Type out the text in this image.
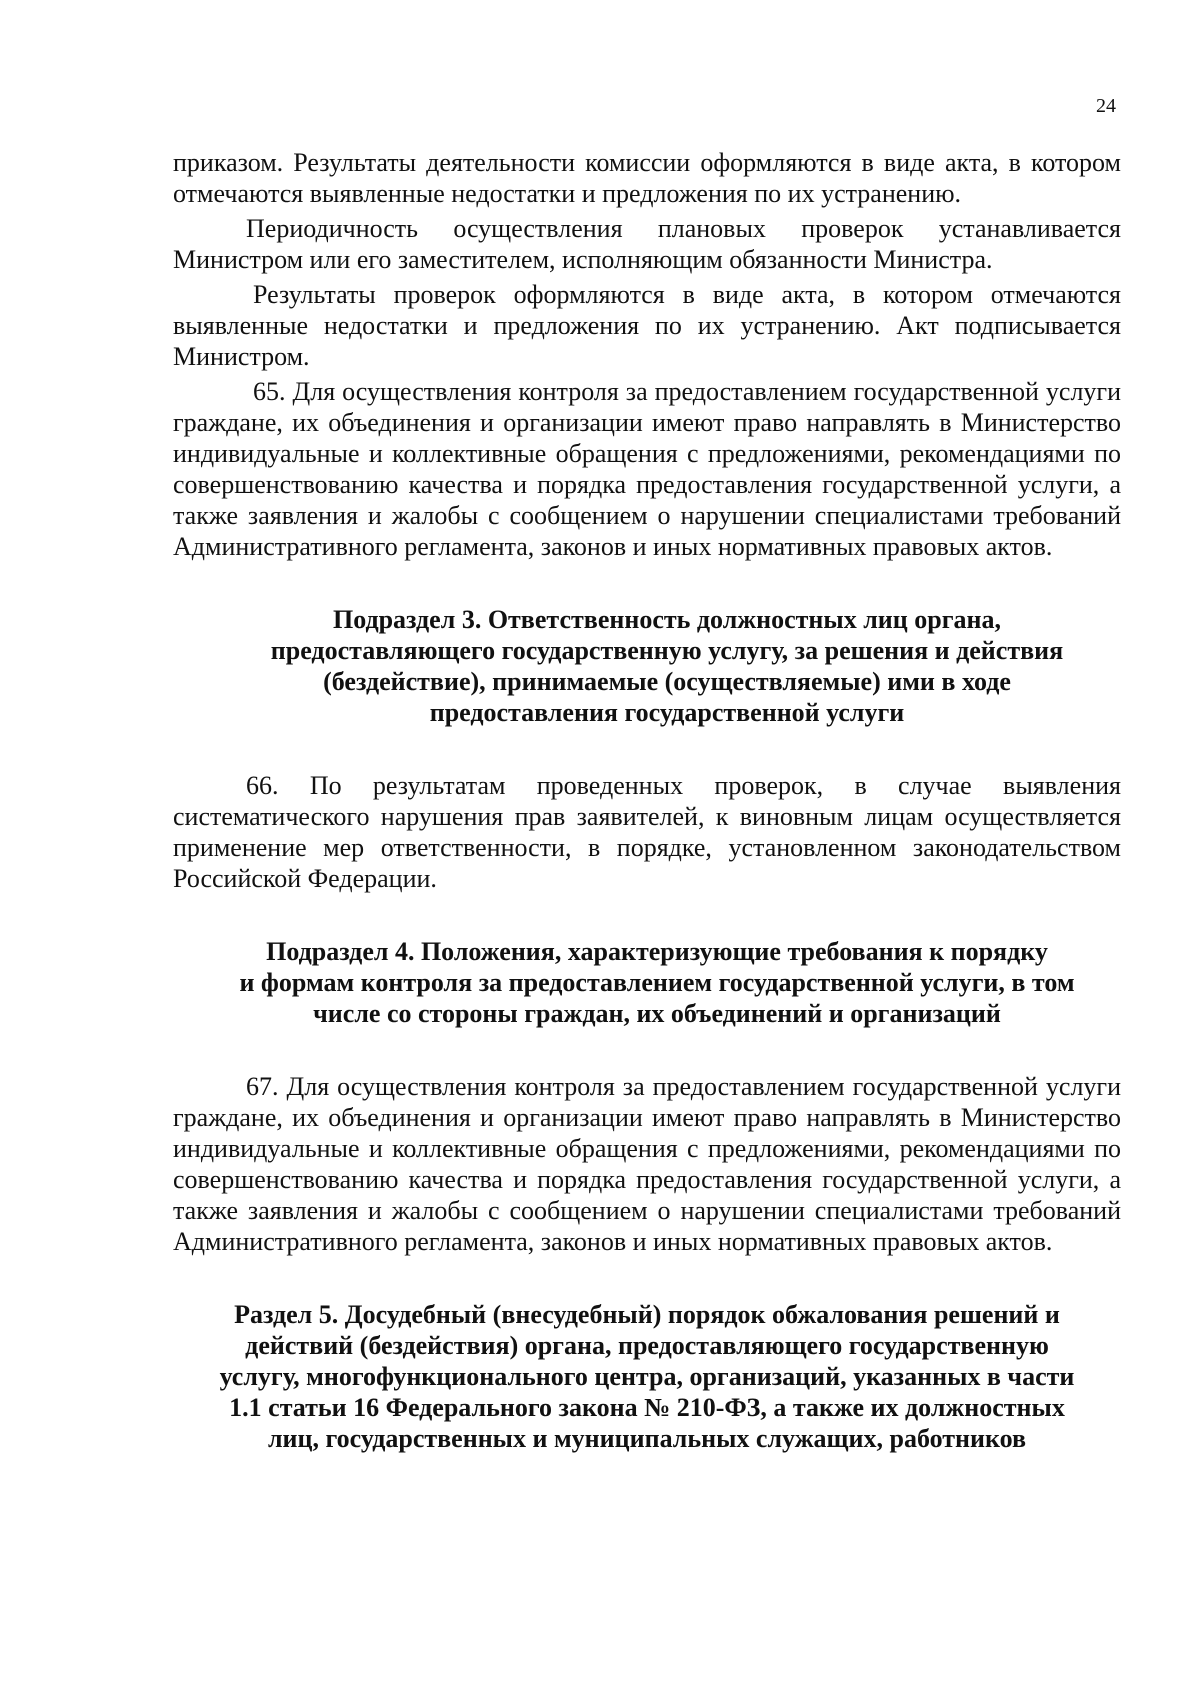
24

приказом. Результаты деятельности комиссии оформляются в виде акта, в котором отмечаются выявленные недостатки и предложения по их устранению.

Периодичность осуществления плановых проверок устанавливается Министром или его заместителем, исполняющим обязанности Министра.

Результаты проверок оформляются в виде акта, в котором отмечаются выявленные недостатки и предложения по их устранению. Акт подписывается Министром.

65. Для осуществления контроля за предоставлением государственной услуги граждане, их объединения и организации имеют право направлять в Министерство индивидуальные и коллективные обращения с предложениями, рекомендациями по совершенствованию качества и порядка предоставления государственной услуги, а также заявления и жалобы с сообщением о нарушении специалистами требований Административного регламента, законов и иных нормативных правовых актов.

Подраздел 3. Ответственность должностных лиц органа,
предоставляющего государственную услугу, за решения и действия
(бездействие), принимаемые (осуществляемые) ими в ходе
предоставления государственной услуги

66. По результатам проведенных проверок, в случае выявления систематического нарушения прав заявителей, к виновным лицам осуществляется применение мер ответственности, в порядке, установленном законодательством Российской Федерации.

Подраздел 4. Положения, характеризующие требования к порядку
и формам контроля за предоставлением государственной услуги, в том
числе со стороны граждан, их объединений и организаций

67. Для осуществления контроля за предоставлением государственной услуги граждане, их объединения и организации имеют право направлять в Министерство индивидуальные и коллективные обращения с предложениями, рекомендациями по совершенствованию качества и порядка предоставления государственной услуги, а также заявления и жалобы с сообщением о нарушении специалистами требований Административного регламента, законов и иных нормативных правовых актов.

Раздел 5. Досудебный (внесудебный) порядок обжалования решений и
действий (бездействия) органа, предоставляющего государственную
услугу, многофункционального центра, организаций, указанных в части
1.1 статьи 16 Федерального закона № 210-ФЗ, а также их должностных
лиц, государственных и муниципальных служащих, работников
